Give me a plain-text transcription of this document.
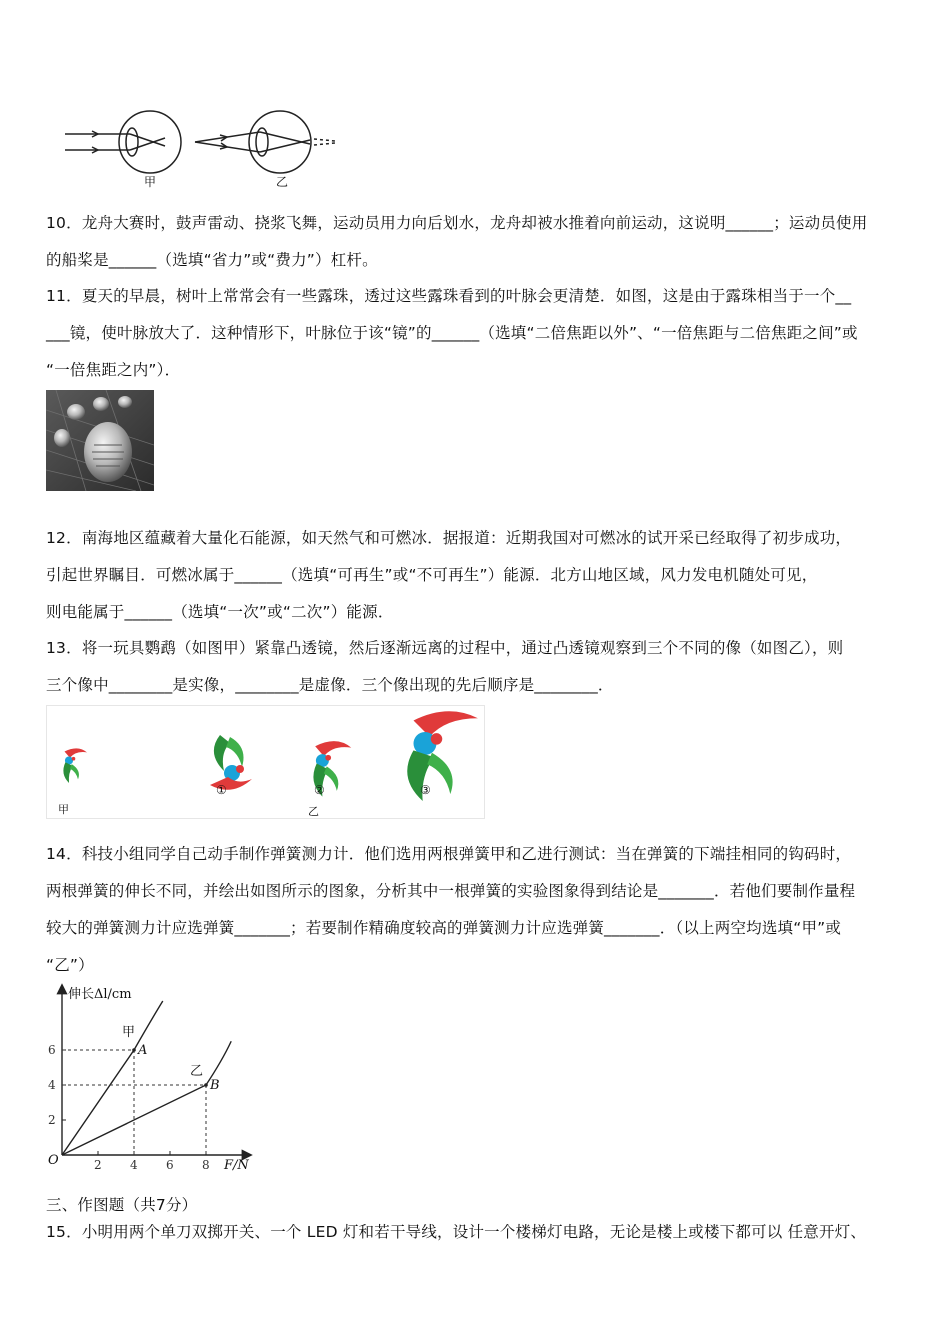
甲	乙
10．龙舟大赛时，鼓声雷动、挠浆飞舞，运动员用力向后划水，龙舟却被水推着向前运动，这说明______；运动员使用
的船桨是______（选填“省力”或“费力”）杠杆。
11．夏天的早晨，树叶上常常会有一些露珠，透过这些露珠看到的叶脉会更清楚．如图，这是由于露珠相当于一个__
___镜，使叶脉放大了．这种情形下，叶脉位于该“镜”的______（选填“二倍焦距以外”、“一倍焦距与二倍焦距之间”或
“一倍焦距之内”）．
12．南海地区蕴藏着大量化石能源，如天然气和可燃冰．据报道：近期我国对可燃冰的试开采已经取得了初步成功，
引起世界瞩目．可燃冰属于______（选填“可再生”或“不可再生”）能源．北方山地区域，风力发电机随处可见，
则电能属于______（选填“一次”或“二次”）能源．
13．将一玩具鹦鹉（如图甲）紧靠凸透镜，然后逐渐远离的过程中，通过凸透镜观察到三个不同的像（如图乙），则
三个像中________是实像，________是虚像．三个像出现的先后顺序是________．
甲	乙
①	②	③
14．科技小组同学自己动手制作弹簧测力计．他们选用两根弹簧甲和乙进行测试：当在弹簧的下端挂相同的钩码时，
两根弹簧的伸长不同，并绘出如图所示的图象，分析其中一根弹簧的实验图象得到结论是_______．若他们要制作量程
较大的弹簧测力计应选弹簧_______；若要制作精确度较高的弹簧测力计应选弹簧_______．（以上两空均选填“甲”或
“乙”）
伸长Δl/cm
F/N
O	2 4 6 8
2
4
6	A
甲
B
乙
三、作图题（共7分）
15．小明用两个单刀双掷开关、一个 LED 灯和若干导线，设计一个楼梯灯电路，无论是楼上或楼下都可以 任意开灯、
